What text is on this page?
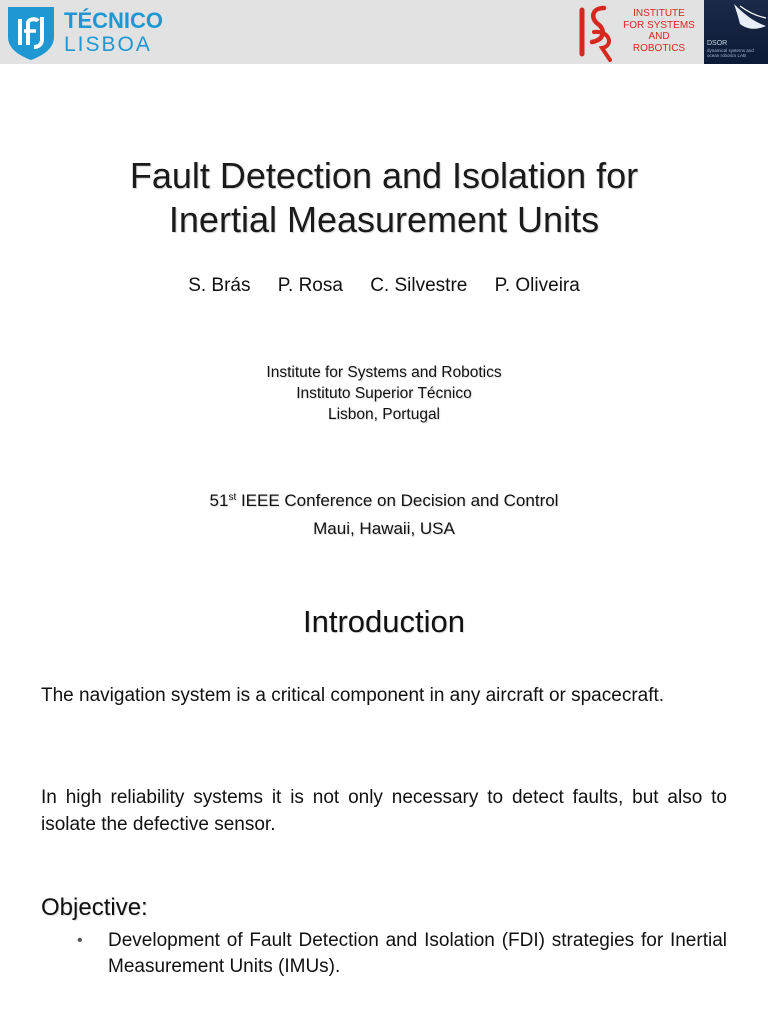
TÉCNICO
LISBOA
INSTITUTE
FOR SYSTEMS
AND
ROBOTICS	DSOR
dynamical systems and ocean robotics LAB
Fault Detection and Isolation for
Inertial Measurement Units
S. Brás P. Rosa C. Silvestre P. Oliveira
Institute for Systems and Robotics
Instituto Superior Técnico
Lisbon, Portugal
51st IEEE Conference on Decision and Control
Maui, Hawaii, USA
Introduction

The navigation system is a critical component in any aircraft or spacecraft.

In high reliability systems it is not only necessary to detect faults, but also to isolate the defective sensor.

Objective:
• Development of Fault Detection and Isolation (FDI) strategies for Inertial Measurement Units (IMUs).
